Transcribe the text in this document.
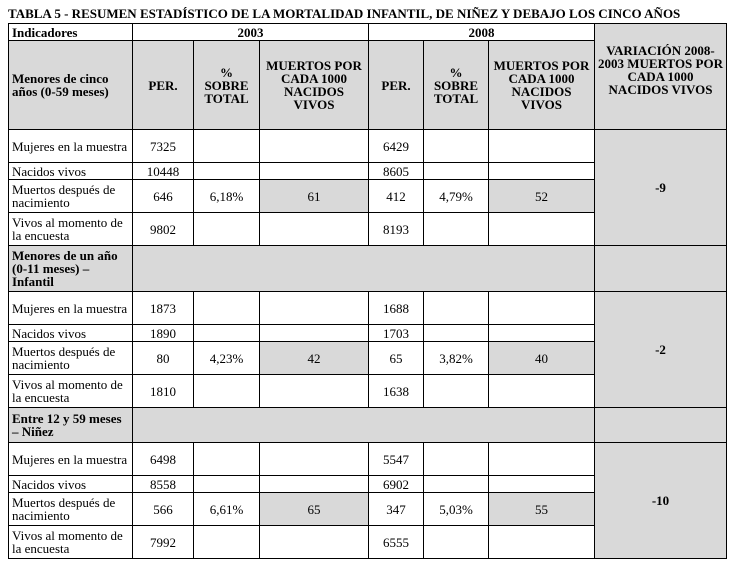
TABLA 5 - RESUMEN ESTADÍSTICO DE LA MORTALIDAD INFANTIL, DE NIÑEZ Y DEBAJO LOS CINCO AÑOS
Indicadores	2003			2008			
Menores de cinco años (0-59 meses)	PER.	% SOBRE TOTAL	MUERTOS POR CADA 1000 NACIDOS VIVOS	PER.	% SOBRE TOTAL	MUERTOS POR CADA 1000 NACIDOS VIVOS	VARIACIÓN 2008-2003 MUERTOS POR CADA 1000 NACIDOS VIVOS
Mujeres en la muestra	7325			6429			-9
Nacidos vivos	10448			8605			
Muertos después de nacimiento	646	6,18%	61	412	4,79%	52	
Vivos al momento de la encuesta	9802			8193			
Menores de un año (0-11 meses) – Infantil							
Mujeres en la muestra	1873			1688			-2
Nacidos vivos	1890			1703			
Muertos después de nacimiento	80	4,23%	42	65	3,82%	40	
Vivos al momento de la encuesta	1810			1638			
Entre 12 y 59 meses – Niñez							
Mujeres en la muestra	6498			5547			-10
Nacidos vivos	8558			6902			
Muertos después de nacimiento	566	6,61%	65	347	5,03%	55	
Vivos al momento de la encuesta	7992			6555			
